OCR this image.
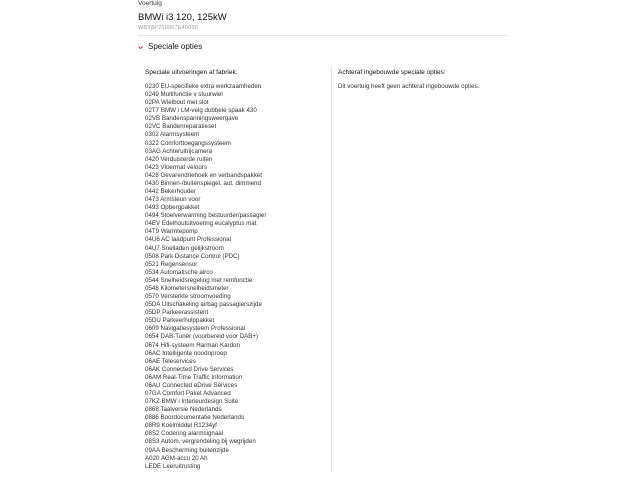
Voertuig
BMWi i3 120, 125kW
WBY8P210907E40000
Speciale opties
Speciale uitvoeringen af fabriek:
0230 EU-specifieke extra werkzaamheden
0249 Multifunctie v stuurwiel
02PA Wielbout met slot
02T7 BMW i LM-velg dubbele spaak 430
02VB Bandenspanningsweergave
02VC Bandenreparatieset
0302 Alarmsysteem
0322 Comforttoegangssysteem
03AG Achteruitrijcamera
0420 Verduisterde ruiten
0423 Vloermat velours
0428 Gevarendriehoek en verbandspakket
0430 Binnen-/buitenspiegel, aut. dimmend
0442 Bekerhouder
0473 Armsteun voor
0493 Opbergpakket
0494 Stoelverwarming bestuurder/passagier
04EV Edelhoutuitvoering eucalyptus mat
04T9 Warmtepomp
04U6 AC laadpunt Professional
04U7 Snelladen gelijkstroom
0508 Park Distance Control (PDC)
0521 Regensensor
0534 Automatische airco
0544 Snelheidsregeling met remfunctie
0548 Kilometersnelheidsmeter
0570 Versterkte stroomvoeding
05DA Uitschakeling airbag passagierszijde
05DP Parkeerassistent
05DU Parkeerhulppakket
0609 Navigatiesysteem Professional
0654 DAB-Tuner (voorbereid voor DAB+)
0674 Hifi-systeem Harman Kardon
06AC Intelligente noodoproep
06AE Teleservices
06AK Connected Drive Services
06AM Real-Time Traffic Information
06AU Connected eDrive Services
07GA Comfort Paket Advanced
07KZ BMW i Interieurdesign Suite
0868 Taalversie Nederlands
0886 Boordocumentatie Nederlands
08R9 Koelmiddel R1234yf
08S2 Codering alarmsignaal
08S3 Autom. vergrendeling bij wegrijden
09AA Bescherming buitenzijde
A020 AGM-accu 20 Ah
LEDE Leeruitrusting
Achteraf ingebouwde speciale opties:
Dit voertuig heeft geen achteraf ingebouwde opties.
